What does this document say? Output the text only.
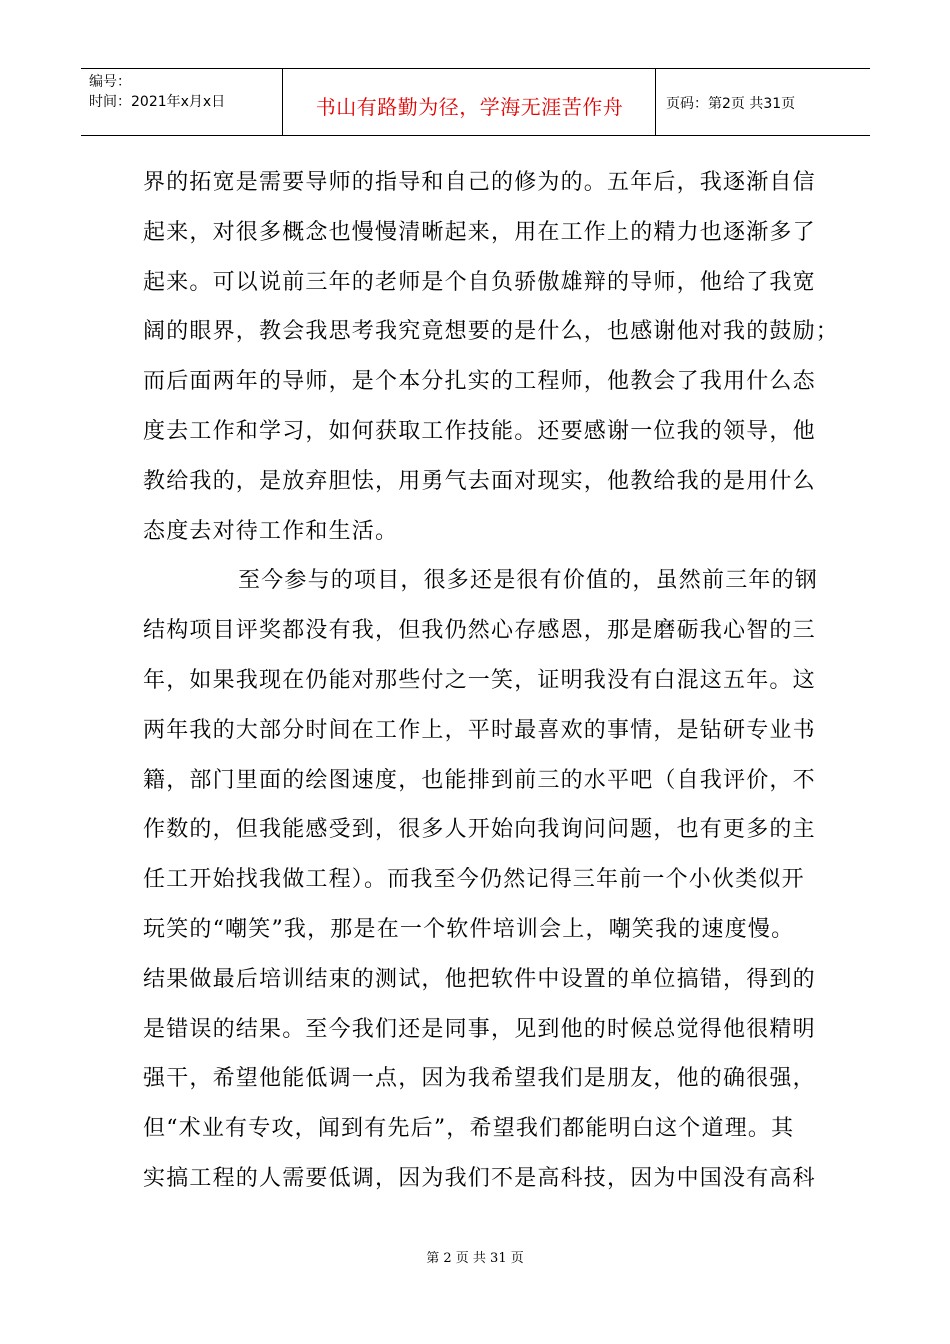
编号：
时间：2021年x月x日	书山有路勤为径，学海无涯苦作舟	页码：第2页 共31页
界的拓宽是需要导师的指导和自己的修为的。五年后，我逐渐自信
起来，对很多概念也慢慢清晰起来，用在工作上的精力也逐渐多了
起来。可以说前三年的老师是个自负骄傲雄辩的导师，他给了我宽
阔的眼界，教会我思考我究竟想要的是什么，也感谢他对我的鼓励；
而后面两年的导师，是个本分扎实的工程师，他教会了我用什么态
度去工作和学习，如何获取工作技能。还要感谢一位我的领导，他
教给我的，是放弃胆怯，用勇气去面对现实，他教给我的是用什么
态度去对待工作和生活。
至今参与的项目，很多还是很有价值的，虽然前三年的钢
结构项目评奖都没有我，但我仍然心存感恩，那是磨砺我心智的三
年，如果我现在仍能对那些付之一笑，证明我没有白混这五年。这
两年我的大部分时间在工作上，平时最喜欢的事情，是钻研专业书
籍，部门里面的绘图速度，也能排到前三的水平吧（自我评价，不
作数的，但我能感受到，很多人开始向我询问问题，也有更多的主
任工开始找我做工程）。而我至今仍然记得三年前一个小伙类似开
玩笑的“嘲笑”我，那是在一个软件培训会上，嘲笑我的速度慢。
结果做最后培训结束的测试，他把软件中设置的单位搞错，得到的
是错误的结果。至今我们还是同事，见到他的时候总觉得他很精明
强干，希望他能低调一点，因为我希望我们是朋友，他的确很强，
但“术业有专攻，闻到有先后”，希望我们都能明白这个道理。其
实搞工程的人需要低调，因为我们不是高科技，因为中国没有高科
第 2 页 共 31 页
